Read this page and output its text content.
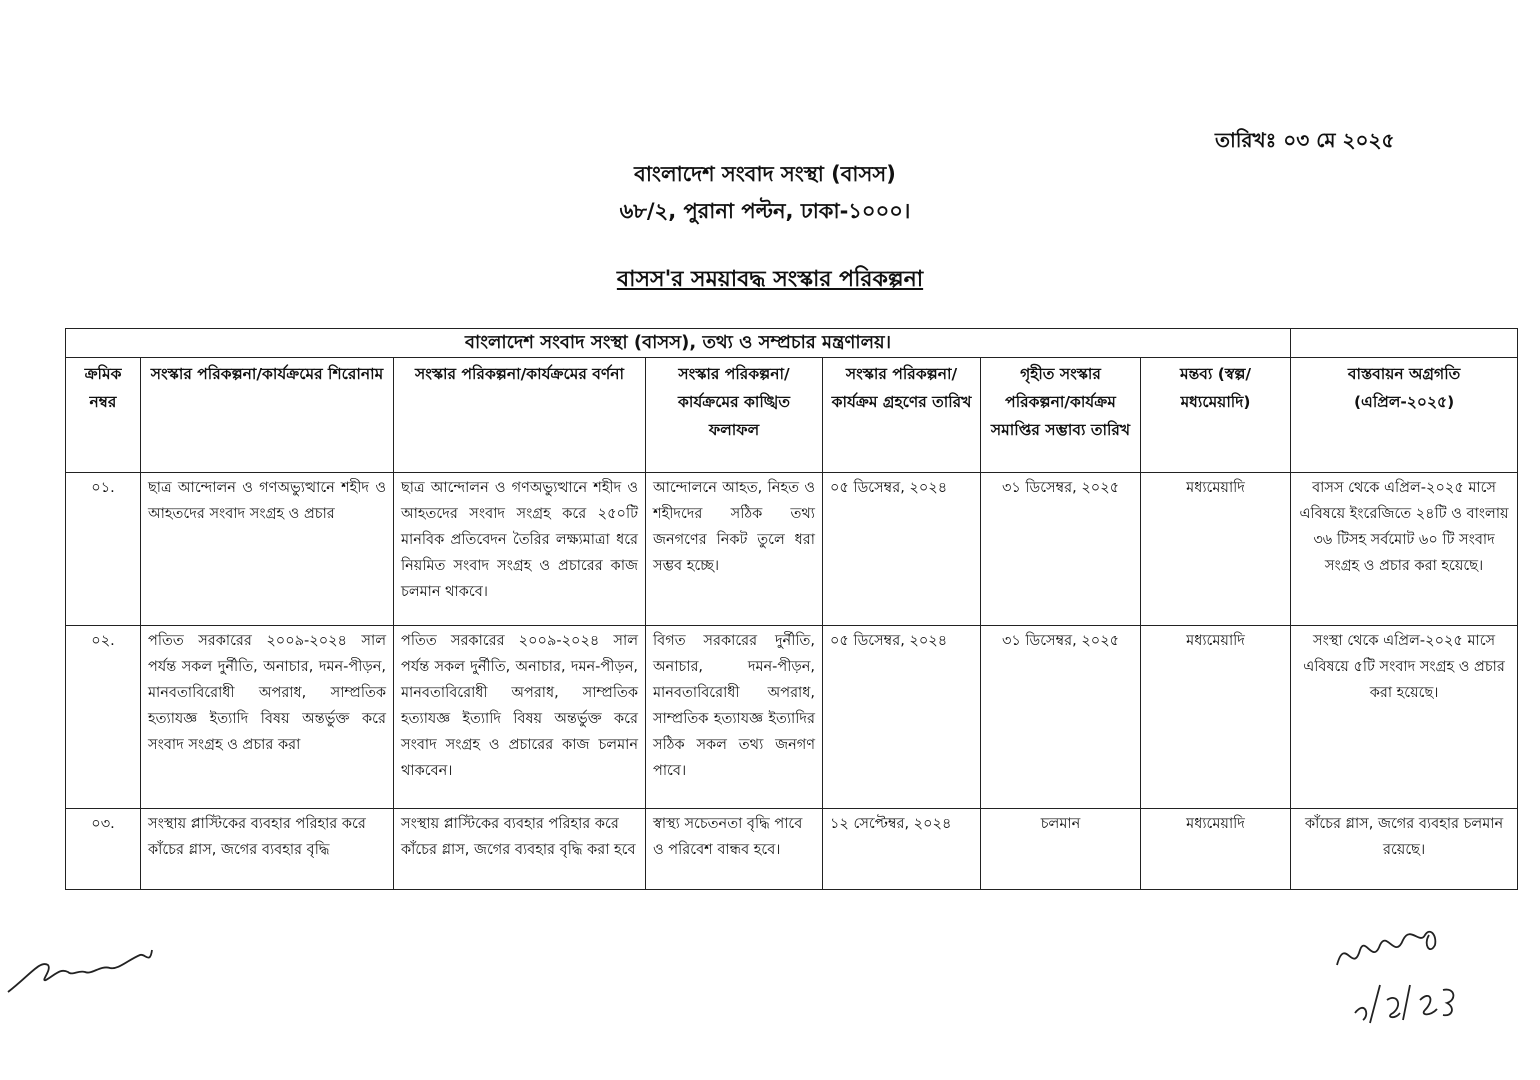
তারিখঃ ০৩ মে ২০২৫
বাংলাদেশ সংবাদ সংস্থা (বাসস)
৬৮/২, পুরানা পল্টন, ঢাকা-১০০০।
বাসস'র সময়াবদ্ধ সংস্কার পরিকল্পনা
বাংলাদেশ সংবাদ সংস্থা (বাসস), তথ্য ও সম্প্রচার মন্ত্রণালয়।							
ক্রমিক নম্বর	সংস্কার পরিকল্পনা/কার্যক্রমের শিরোনাম	সংস্কার পরিকল্পনা/কার্যক্রমের বর্ণনা	সংস্কার পরিকল্পনা/কার্যক্রমের কাঙ্খিত ফলাফল	সংস্কার পরিকল্পনা/কার্যক্রম গ্রহণের তারিখ	গৃহীত সংস্কার পরিকল্পনা/কার্যক্রম সমাপ্তির সম্ভাব্য তারিখ	মন্তব্য (স্বল্প/মধ্যমেয়াদি)	বাস্তবায়ন অগ্রগতি (এপ্রিল-২০২৫)
০১.	ছাত্র আন্দোলন ও গণঅভ্যুত্থানে শহীদ ও আহতদের সংবাদ সংগ্রহ ও প্রচার	ছাত্র আন্দোলন ও গণঅভ্যুত্থানে শহীদ ও আহতদের সংবাদ সংগ্রহ করে ২৫০টি মানবিক প্রতিবেদন তৈরির লক্ষ্যমাত্রা ধরে নিয়মিত সংবাদ সংগ্রহ ও প্রচারের কাজ চলমান থাকবে।	আন্দোলনে আহত, নিহত ও শহীদদের সঠিক তথ্য জনগণের নিকট তুলে ধরা সম্ভব হচ্ছে।	০৫ ডিসেম্বর, ২০২৪	৩১ ডিসেম্বর, ২০২৫	মধ্যমেয়াদি	বাসস থেকে এপ্রিল-২০২৫ মাসে এবিষয়ে ইংরেজিতে ২৪টি ও বাংলায় ৩৬ টিসহ সর্বমোট ৬০ টি সংবাদ সংগ্রহ ও প্রচার করা হয়েছে।
০২.	পতিত সরকারের ২০০৯-২০২৪ সাল পর্যন্ত সকল দুর্নীতি, অনাচার, দমন-পীড়ন, মানবতাবিরোধী অপরাধ, সাম্প্রতিক হত্যাযজ্ঞ ইত্যাদি বিষয় অন্তর্ভুক্ত করে সংবাদ সংগ্রহ ও প্রচার করা	পতিত সরকারের ২০০৯-২০২৪ সাল পর্যন্ত সকল দুর্নীতি, অনাচার, দমন-পীড়ন, মানবতাবিরোধী অপরাধ, সাম্প্রতিক হত্যাযজ্ঞ ইত্যাদি বিষয় অন্তর্ভুক্ত করে সংবাদ সংগ্রহ ও প্রচারের কাজ চলমান থাকবেন।	বিগত সরকারের দুর্নীতি, অনাচার, দমন-পীড়ন, মানবতাবিরোধী অপরাধ, সাম্প্রতিক হত্যাযজ্ঞ ইত্যাদির সঠিক সকল তথ্য জনগণ পাবে।	০৫ ডিসেম্বর, ২০২৪	৩১ ডিসেম্বর, ২০২৫	মধ্যমেয়াদি	সংস্থা থেকে এপ্রিল-২০২৫ মাসে এবিষয়ে ৫টি সংবাদ সংগ্রহ ও প্রচার করা হয়েছে।
০৩.	সংস্থায় প্লাস্টিকের ব্যবহার পরিহার করে কাঁচের গ্লাস, জগের ব্যবহার বৃদ্ধি	সংস্থায় প্লাস্টিকের ব্যবহার পরিহার করে কাঁচের গ্লাস, জগের ব্যবহার বৃদ্ধি করা হবে	স্বাস্থ্য সচেতনতা বৃদ্ধি পাবে ও পরিবেশ বান্ধব হবে।	১২ সেপ্টেম্বর, ২০২৪	চলমান	মধ্যমেয়াদি	কাঁচের গ্লাস, জগের ব্যবহার চলমান রয়েছে।
